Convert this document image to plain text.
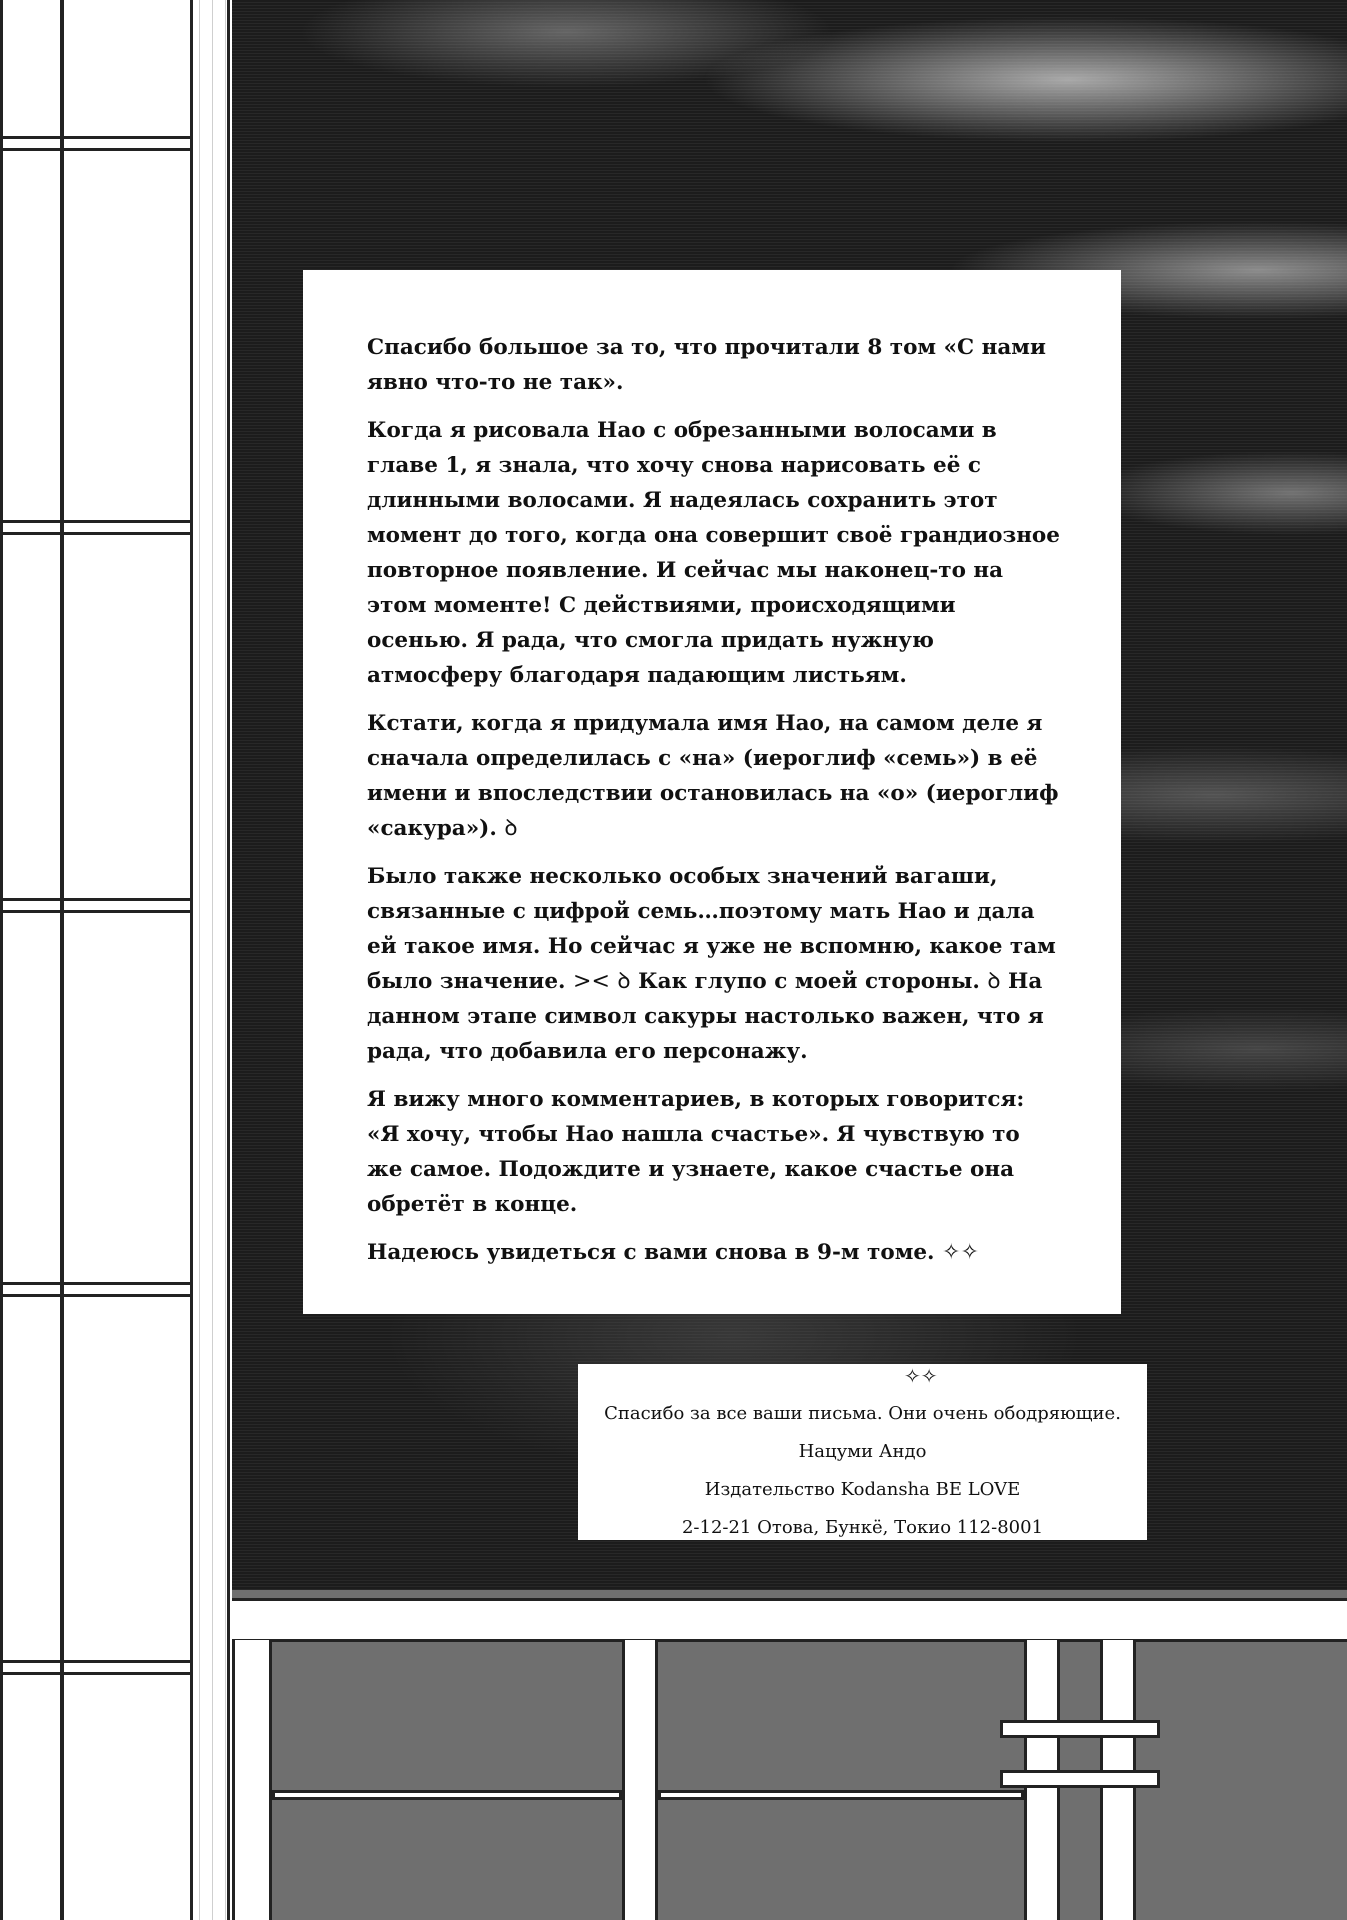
Спасибо большое за то, что прочитали 8 том «С нами явно что-то не так».

Когда я рисовала Нао с обрезанными волосами в главе 1, я знала, что хочу снова нарисовать её с длинными волосами. Я надеялась сохранить этот момент до того, когда она совершит своё грандиозное повторное появление. И сейчас мы наконец-то на этом моменте! С действиями, происходящими осенью. Я рада, что смогла придать нужную атмосферу благодаря падающим листьям.

Кстати, когда я придумала имя Нао, на самом деле я сначала определилась с «на» (иероглиф «семь») в её имени и впоследствии остановилась на «о» (иероглиф «сакура»). ꝺ

Было также несколько особых значений вагаши, связанные с цифрой семь…поэтому мать Нао и дала ей такое имя. Но сейчас я уже не вспомню, какое там было значение. >< ꝺ Как глупо с моей стороны. ꝺ На данном этапе символ сакуры настолько важен, что я рада, что добавила его персонажу.

Я вижу много комментариев, в которых говорится: «Я хочу, чтобы Нао нашла счастье». Я чувствую то же самое. Подождите и узнаете, какое счастье она обретёт в конце.

Надеюсь увидеться с вами снова в 9-м томе. ✧✧

Спасибо за все ваши письма. Они очень ободряющие.
Нацуми Андо
Издательство Kodansha BE LOVE
2-12-21 Отова, Бункё, Токио 112-8001
✧✧
